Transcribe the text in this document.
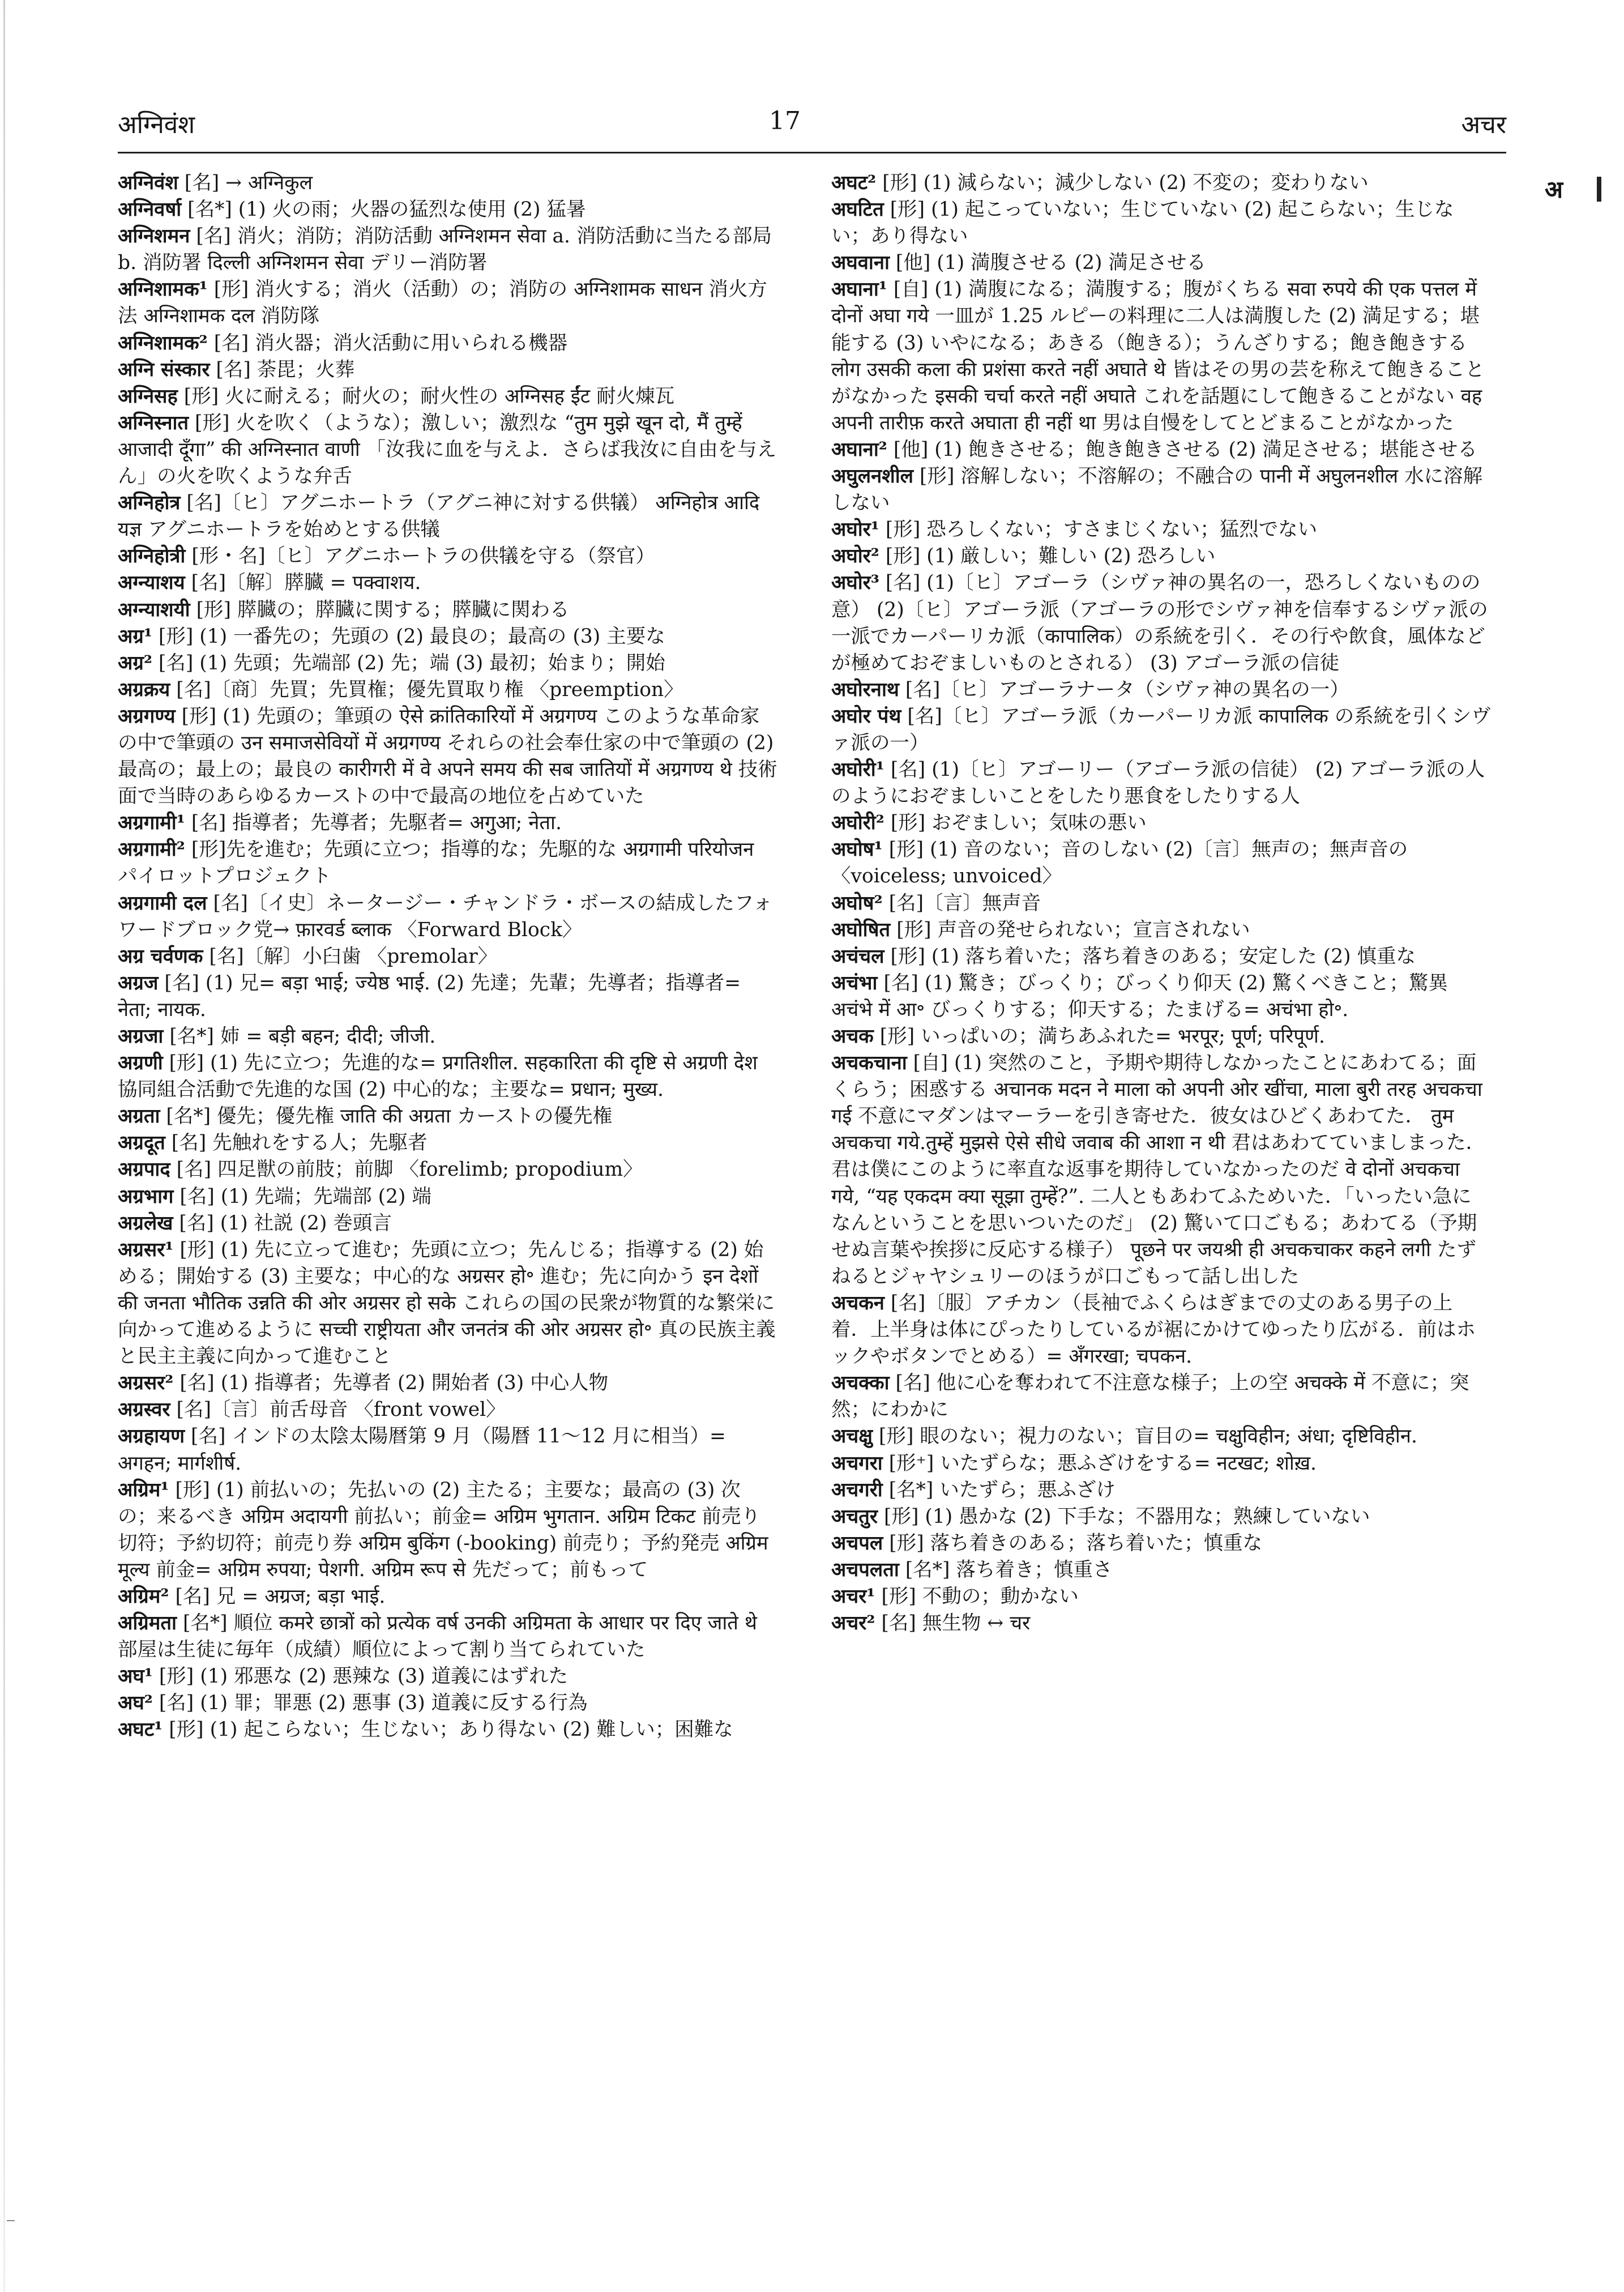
अग्निवंश	17	अचर
अ

अग्निवंश [名] → अग्निकुल

अग्निवर्षा [名*] (1) 火の雨；火器の猛烈な使用 (2) 猛暑

अग्निशमन [名] 消火；消防；消防活動 अग्निशमन सेवा a. 消防活動に当たる部局 b. 消防署 दिल्ली अग्निशमन सेवा デリー消防署

अग्निशामक¹ [形] 消火する；消火（活動）の；消防の अग्निशामक साधन 消火方法 अग्निशामक दल 消防隊

अग्निशामक² [名] 消火器；消火活動に用いられる機器

अग्नि संस्कार [名] 荼毘；火葬

अग्निसह [形] 火に耐える；耐火の；耐火性の अग्निसह ईंट 耐火煉瓦

अग्निस्नात [形] 火を吹く（ような）；激しい；激烈な “तुम मुझे खून दो, मैं तुम्हें आजादी दूँगा” की अग्निस्नात वाणी 「汝我に血を与えよ．さらば我汝に自由を与えん」の火を吹くような弁舌

अग्निहोत्र [名]〔ヒ〕アグニホートラ（アグニ神に対する供犠） अग्निहोत्र आदि यज्ञ アグニホートラを始めとする供犠

अग्निहोत्री [形・名]〔ヒ〕アグニホートラの供犠を守る（祭官）

अग्न्याशय [名]〔解〕膵臓 = पक्वाशय.

अग्न्याशयी [形] 膵臓の；膵臓に関する；膵臓に関わる

अग्र¹ [形] (1) 一番先の；先頭の (2) 最良の；最高の (3) 主要な

अग्र² [名] (1) 先頭；先端部 (2) 先；端 (3) 最初；始まり；開始

अग्रक्रय [名]〔商〕先買；先買権；優先買取り権 〈preemption〉

अग्रगण्य [形] (1) 先頭の；筆頭の ऐसे क्रांतिकारियों में अग्रगण्य このような革命家の中で筆頭の उन समाजसेवियों में अग्रगण्य それらの社会奉仕家の中で筆頭の (2) 最高の；最上の；最良の कारीगरी में वे अपने समय की सब जातियों में अग्रगण्य थे 技術面で当時のあらゆるカーストの中で最高の地位を占めていた

अग्रगामी¹ [名] 指導者；先導者；先駆者= अगुआ; नेता.

अग्रगामी² [形]先を進む；先頭に立つ；指導的な；先駆的な अग्रगामी परियोजन パイロットプロジェクト

अग्रगामी दल [名]〔イ史〕ネータージー・チャンドラ・ボースの結成したフォワードブロック党→ फ़ारवर्ड ब्लाक 〈Forward Block〉

अग्र चर्वणक [名]〔解〕小臼歯 〈premolar〉

अग्रज [名] (1) 兄= बड़ा भाई; ज्येष्ठ भाई. (2) 先達；先輩；先導者；指導者= नेता; नायक.

अग्रजा [名*] 姉 = बड़ी बहन; दीदी; जीजी.

अग्रणी [形] (1) 先に立つ；先進的な= प्रगतिशील. सहकारिता की दृष्टि से अग्रणी देश 協同組合活動で先進的な国 (2) 中心的な；主要な= प्रधान; मुख्य.

अग्रता [名*] 優先；優先権 जाति की अग्रता カーストの優先権

अग्रदूत [名] 先触れをする人；先駆者

अग्रपाद [名] 四足獣の前肢；前脚 〈forelimb; propodium〉

अग्रभाग [名] (1) 先端；先端部 (2) 端

अग्रलेख [名] (1) 社説 (2) 巻頭言

अग्रसर¹ [形] (1) 先に立って進む；先頭に立つ；先んじる；指導する (2) 始める；開始する (3) 主要な；中心的な अग्रसर हो॰ 進む；先に向かう इन देशों की जनता भौतिक उन्नति की ओर अग्रसर हो सके これらの国の民衆が物質的な繁栄に向かって進めるように सच्ची राष्ट्रीयता और जनतंत्र की ओर अग्रसर हो॰ 真の民族主義と民主主義に向かって進むこと

अग्रसर² [名] (1) 指導者；先導者 (2) 開始者 (3) 中心人物

अग्रस्वर [名]〔言〕前舌母音 〈front vowel〉

अग्रहायण [名] インドの太陰太陽暦第 9 月（陽暦 11〜12 月に相当）= अगहन; मार्गशीर्ष.

अग्रिम¹ [形] (1) 前払いの；先払いの (2) 主たる；主要な；最高の (3) 次の；来るべき अग्रिम अदायगी 前払い；前金= अग्रिम भुगतान. अग्रिम टिकट 前売り切符；予約切符；前売り券 अग्रिम बुकिंग (-booking) 前売り；予約発売 अग्रिम मूल्य 前金= अग्रिम रुपया; पेशगी. अग्रिम रूप से 先だって；前もって

अग्रिम² [名] 兄 = अग्रज; बड़ा भाई.

अग्रिमता [名*] 順位 कमरे छात्रों को प्रत्येक वर्ष उनकी अग्रिमता के आधार पर दिए जाते थे 部屋は生徒に毎年（成績）順位によって割り当てられていた

अघ¹ [形] (1) 邪悪な (2) 悪辣な (3) 道義にはずれた

अघ² [名] (1) 罪；罪悪 (2) 悪事 (3) 道義に反する行為

अघट¹ [形] (1) 起こらない；生じない；あり得ない (2) 難しい；困難な

अघट² [形] (1) 減らない；減少しない (2) 不変の；変わりない

अघटित [形] (1) 起こっていない；生じていない (2) 起こらない；生じない；あり得ない

अघवाना [他] (1) 満腹させる (2) 満足させる

अघाना¹ [自] (1) 満腹になる；満腹する；腹がくちる सवा रुपये की एक पत्तल में दोनों अघा गये 一皿が 1.25 ルピーの料理に二人は満腹した (2) 満足する；堪能する (3) いやになる；あきる（飽きる）；うんざりする；飽き飽きする लोग उसकी कला की प्रशंसा करते नहीं अघाते थे 皆はその男の芸を称えて飽きることがなかった इसकी चर्चा करते नहीं अघाते これを話題にして飽きることがない वह अपनी तारीफ़ करते अघाता ही नहीं था 男は自慢をしてとどまることがなかった

अघाना² [他] (1) 飽きさせる；飽き飽きさせる (2) 満足させる；堪能させる

अघुलनशील [形] 溶解しない；不溶解の；不融合の पानी में अघुलनशील 水に溶解しない

अघोर¹ [形] 恐ろしくない；すさまじくない；猛烈でない

अघोर² [形] (1) 厳しい；難しい (2) 恐ろしい

अघोर³ [名] (1)〔ヒ〕アゴーラ（シヴァ神の異名の一，恐ろしくないものの意） (2)〔ヒ〕アゴーラ派（アゴーラの形でシヴァ神を信奉するシヴァ派の一派でカーパーリカ派（कापालिक）の系統を引く．その行や飲食，風体などが極めておぞましいものとされる） (3) アゴーラ派の信徒

अघोरनाथ [名]〔ヒ〕アゴーラナータ（シヴァ神の異名の一）

अघोर पंथ [名]〔ヒ〕アゴーラ派（カーパーリカ派 कापालिक の系統を引くシヴァ派の一）

अघोरी¹ [名] (1)〔ヒ〕アゴーリー（アゴーラ派の信徒） (2) アゴーラ派の人のようにおぞましいことをしたり悪食をしたりする人

अघोरी² [形] おぞましい；気味の悪い

अघोष¹ [形] (1) 音のない；音のしない (2)〔言〕無声の；無声音の 〈voiceless; unvoiced〉

अघोष² [名]〔言〕無声音

अघोषित [形] 声音の発せられない；宣言されない

अचंचल [形] (1) 落ち着いた；落ち着きのある；安定した (2) 慎重な

अचंभा [名] (1) 驚き；びっくり；びっくり仰天 (2) 驚くべきこと；驚異 अचंभे में आ॰ びっくりする；仰天する；たまげる= अचंभा हो॰.

अचक [形] いっぱいの；満ちあふれた= भरपूर; पूर्ण; परिपूर्ण.

अचकचाना [自] (1) 突然のこと，予期や期待しなかったことにあわてる；面くらう；困惑する अचानक मदन ने माला को अपनी ओर खींचा, माला बुरी तरह अचकचा गई 不意にマダンはマーラーを引き寄せた．彼女はひどくあわてた． तुम अचकचा गये.तुम्हें मुझसे ऐसे सीधे जवाब की आशा न थी 君はあわてていましまった．君は僕にこのように率直な返事を期待していなかったのだ वे दोनों अचकचा गये, “यह एकदम क्या सूझा तुम्हें?”. 二人ともあわてふためいた．「いったい急になんということを思いついたのだ」 (2) 驚いて口ごもる；あわてる（予期せぬ言葉や挨拶に反応する様子） पूछने पर जयश्री ही अचकचाकर कहने लगी たずねるとジャヤシュリーのほうが口ごもって話し出した

अचकन [名]〔服〕アチカン（長袖でふくらはぎまでの丈のある男子の上着．上半身は体にぴったりしているが裾にかけてゆったり広がる．前はホックやボタンでとめる）= अँगरखा; चपकन.

अचक्का [名] 他に心を奪われて不注意な様子；上の空 अचक्के में 不意に；突然；にわかに

अचक्षु [形] 眼のない；視力のない；盲目の= चक्षुविहीन; अंधा; दृष्टिविहीन.

अचगरा [形⁺] いたずらな；悪ふざけをする= नटखट; शोख़.

अचगरी [名*] いたずら；悪ふざけ

अचतुर [形] (1) 愚かな (2) 下手な；不器用な；熟練していない

अचपल [形] 落ち着きのある；落ち着いた；慎重な

अचपलता [名*] 落ち着き；慎重さ

अचर¹ [形] 不動の；動かない

अचर² [名] 無生物 ↔ चर
